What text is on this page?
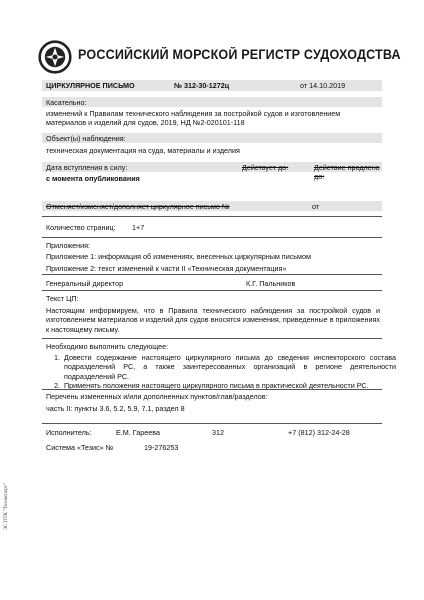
РОССИЙСКИЙ МОРСКОЙ РЕГИСТР СУДОХОДСТВА
ЦИРКУЛЯРНОЕ ПИСЬМО	№ 312-30-1272ц	от 14.10.2019
Касательно:
изменений к Правилам технического наблюдения за постройкой судов и изготовлением материалов и изделий для судов, 2019, НД №2-020101-118
Объект(ы) наблюдения:
техническая документация на суда, материалы и изделия
Дата вступления в силу:	Действует до:	Действие продлено до:
с момента опубликования
Отменяет/изменяет/дополняет циркулярное письмо №	от
Количество страниц: 1+7
Приложения:
Приложение 1: информация об изменениях, внесенных циркулярным письмом
Приложение 2: текст изменений к части II «Техническая документация»
Генеральный директор	К.Г. Пальников
Текст ЦП:
Настоящим информируем, что в Правила технического наблюдения за постройкой судов и изготовлением материалов и изделий для судов вносятся изменения, приведенные в приложениях к настоящему письму.
Необходимо выполнить следующее:
1. Довести содержание настоящего циркулярного письма до сведения инспекторского состава подразделений РС, а также заинтересованных организаций в регионе деятельности подразделений РС.
2. Применять положения настоящего циркулярного письма в практической деятельности РС.
Перечень измененных и/или дополненных пунктов/глав/разделов:
часть II: пункты 3.6, 5.2, 5.9, 7.1, раздел 8
Исполнитель:	Е.М. Гареева	312	+7 (812) 312-24-28
Система «Тезис» №	19-276253
ЭС ПТК "Техэксперт"
